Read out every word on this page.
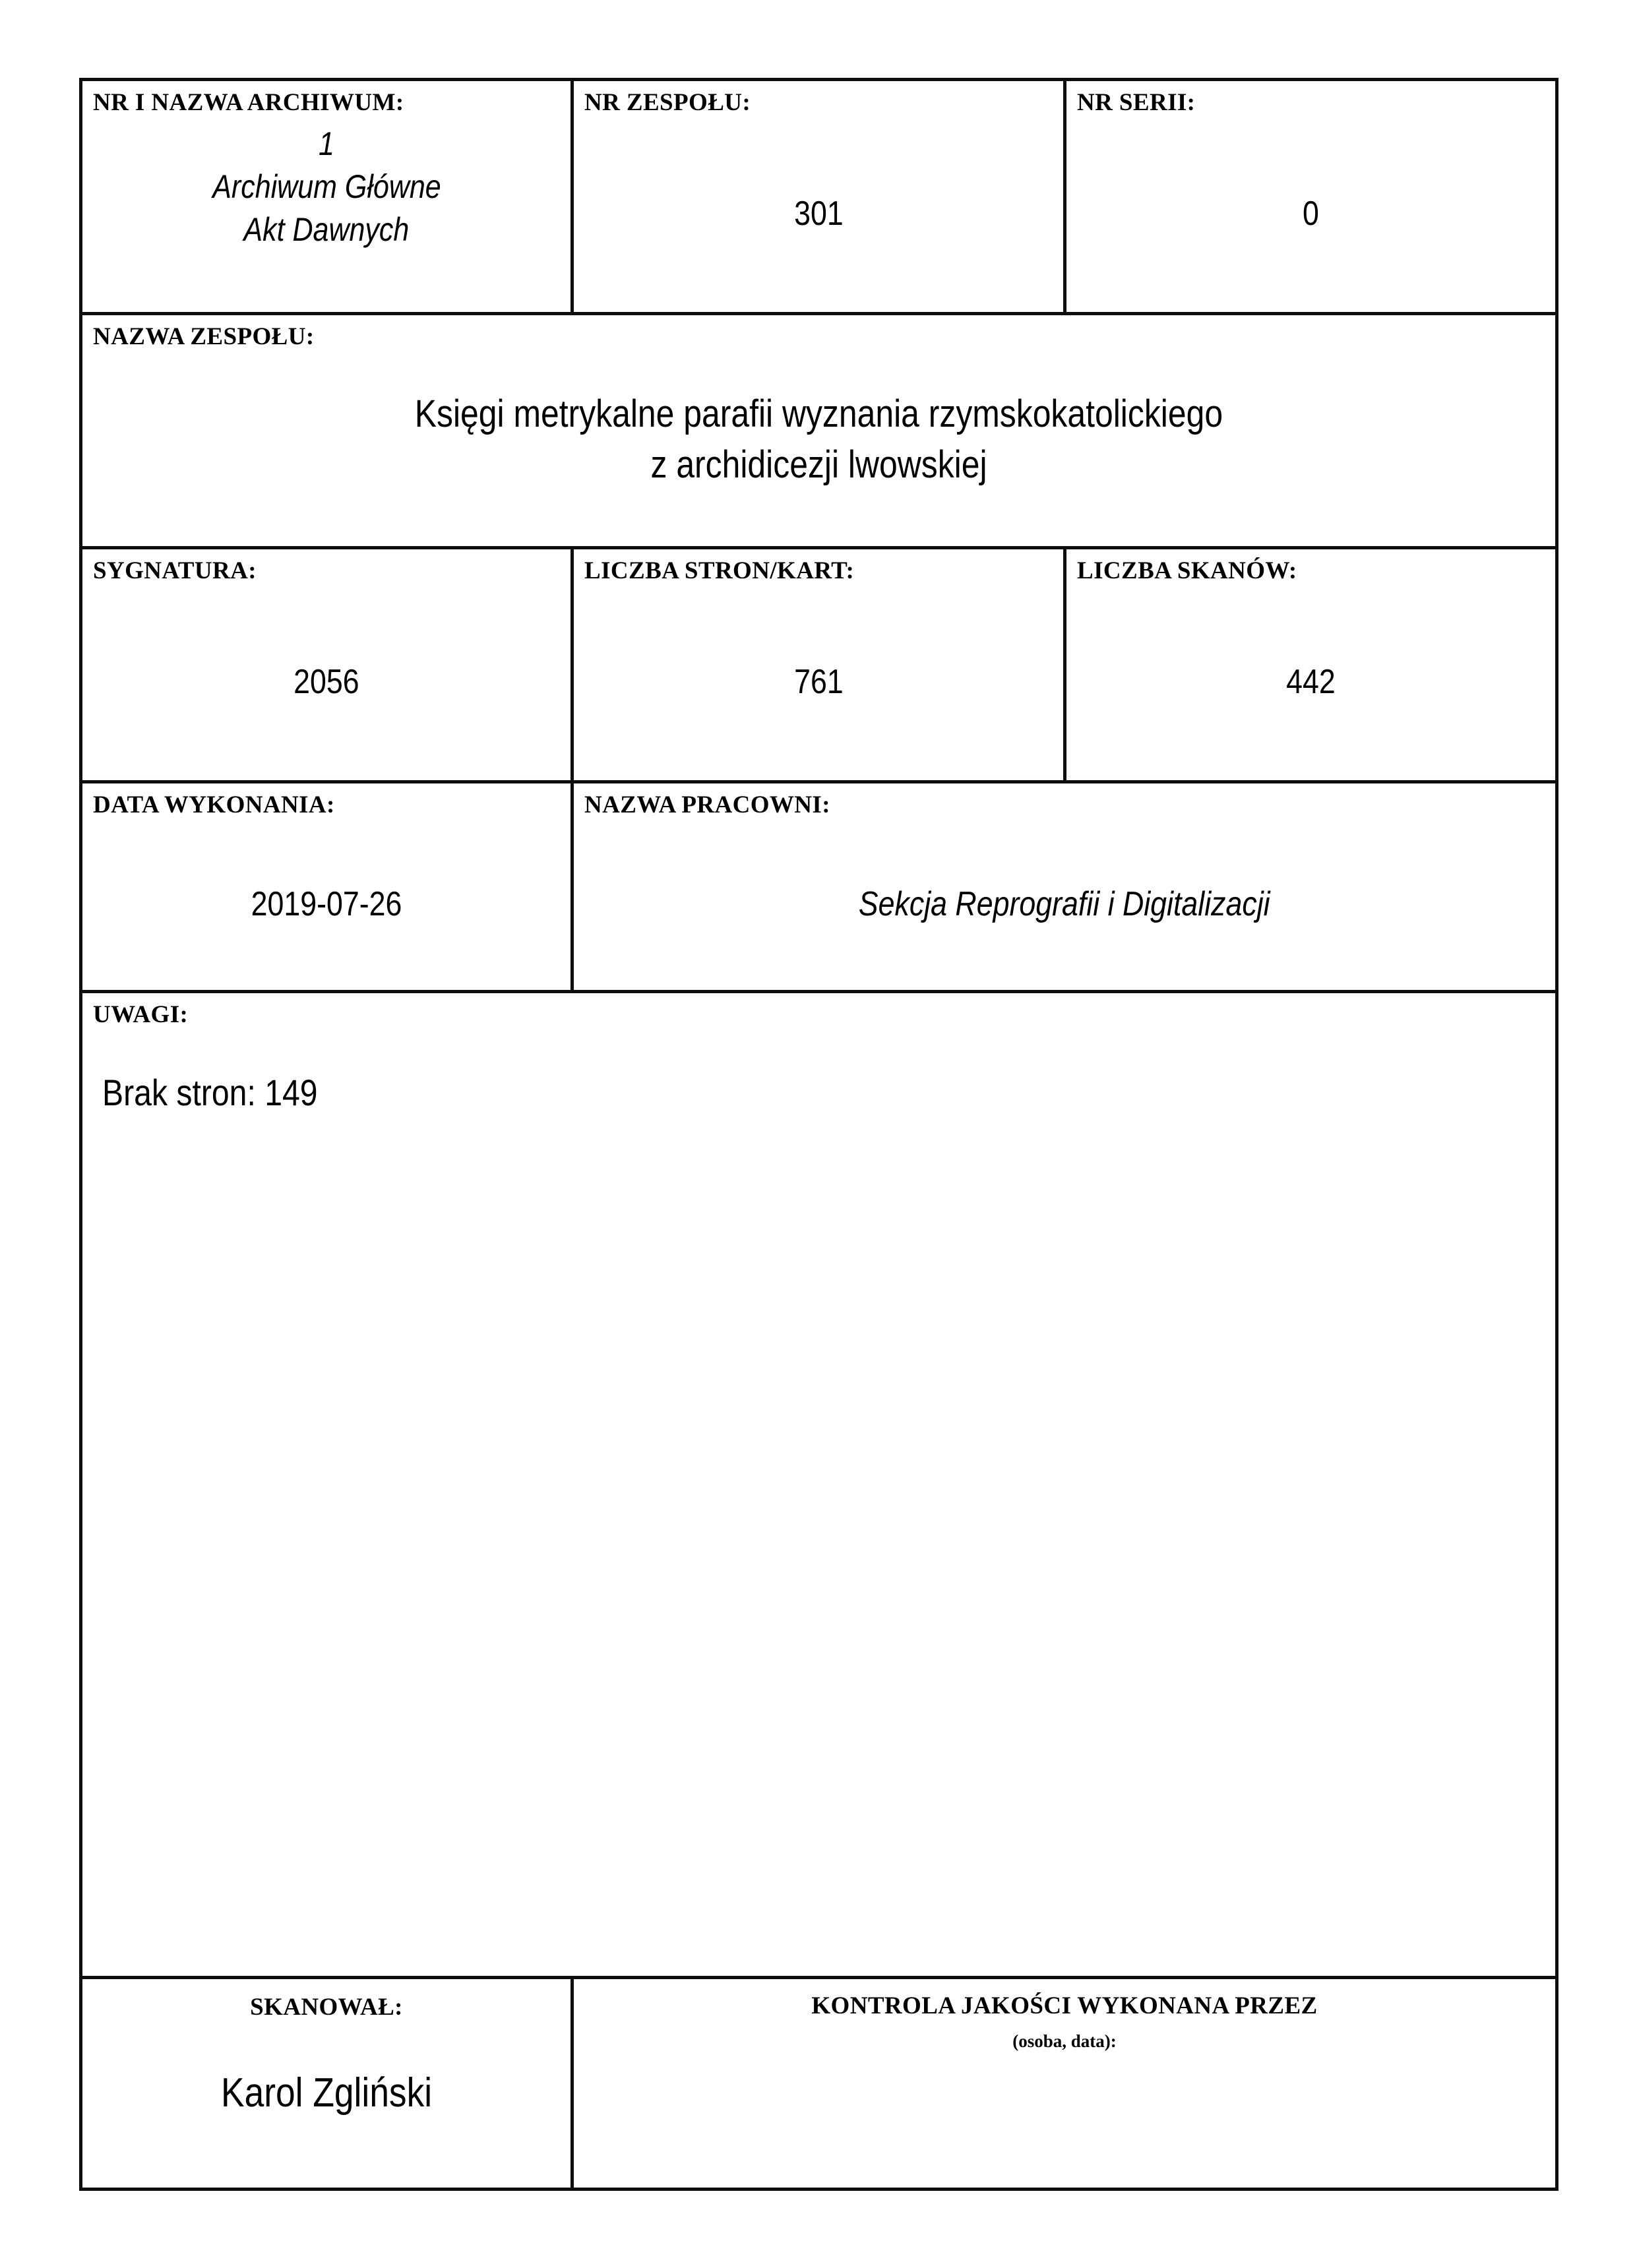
NR I NAZWA ARCHIWUM:
1
Archiwum Główne
Akt Dawnych
NR ZESPOŁU:
301
NR SERII:
0
NAZWA ZESPOŁU:
Księgi metrykalne parafii wyznania rzymskokatolickiego
z archidicezji lwowskiej
SYGNATURA:
2056
LICZBA STRON/KART:
761
LICZBA SKANÓW:
442
DATA WYKONANIA:
2019-07-26
NAZWA PRACOWNI:
Sekcja Reprografii i Digitalizacji
UWAGI:
Brak stron: 149
SKANOWAŁ:
Karol Zgliński
KONTROLA JAKOŚCI WYKONANA PRZEZ
(osoba, data):
